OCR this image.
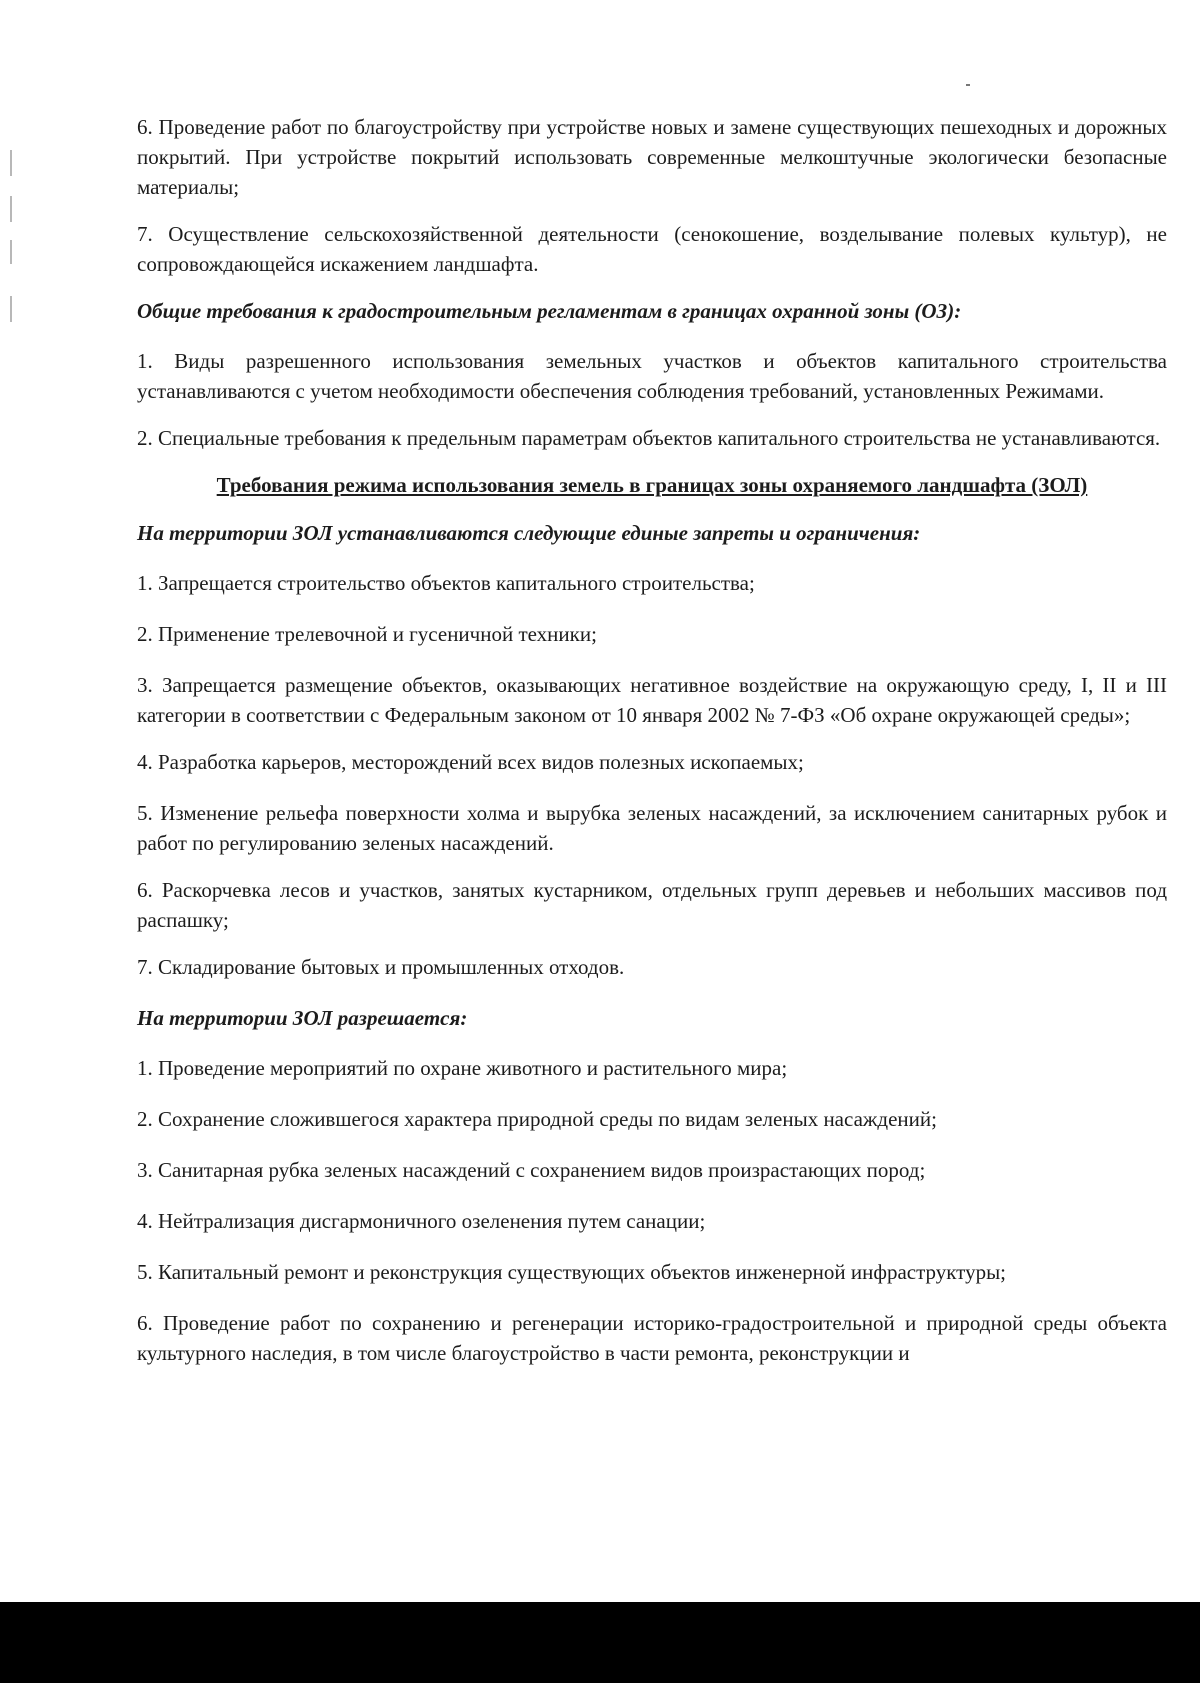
6. Проведение работ по благоустройству при устройстве новых и замене существующих пешеходных и дорожных покрытий. При устройстве покрытий использовать современные мелкоштучные экологически безопасные материалы;

7. Осуществление сельскохозяйственной деятельности (сенокошение, возделывание полевых культур), не сопровождающейся искажением ландшафта.

Общие требования к градостроительным регламентам в границах охранной зоны (ОЗ):

1. Виды разрешенного использования земельных участков и объектов капитального строительства устанавливаются с учетом необходимости обеспечения соблюдения требований, установленных Режимами.

2. Специальные требования к предельным параметрам объектов капитального строительства не устанавливаются.

Требования режима использования земель в границах зоны охраняемого ландшафта (ЗОЛ)

На территории ЗОЛ устанавливаются следующие единые запреты и ограничения:

1. Запрещается строительство объектов капитального строительства;

2. Применение трелевочной и гусеничной техники;

3. Запрещается размещение объектов, оказывающих негативное воздействие на окружающую среду, I, II и III категории в соответствии с Федеральным законом от 10 января 2002 № 7-ФЗ «Об охране окружающей среды»;

4. Разработка карьеров, месторождений всех видов полезных ископаемых;

5. Изменение рельефа поверхности холма и вырубка зеленых насаждений, за исключением санитарных рубок и работ по регулированию зеленых насаждений.

6. Раскорчевка лесов и участков, занятых кустарником, отдельных групп деревьев и небольших массивов под распашку;

7. Складирование бытовых и промышленных отходов.

На территории ЗОЛ разрешается:

1. Проведение мероприятий по охране животного и растительного мира;

2. Сохранение сложившегося характера природной среды по видам зеленых насаждений;

3. Санитарная рубка зеленых насаждений с сохранением видов произрастающих пород;

4. Нейтрализация дисгармоничного озеленения путем санации;

5. Капитальный ремонт и реконструкция существующих объектов инженерной инфраструктуры;

6. Проведение работ по сохранению и регенерации историко-градостроительной и природной среды объекта культурного наследия, в том числе благоустройство в части ремонта, реконструкции и
